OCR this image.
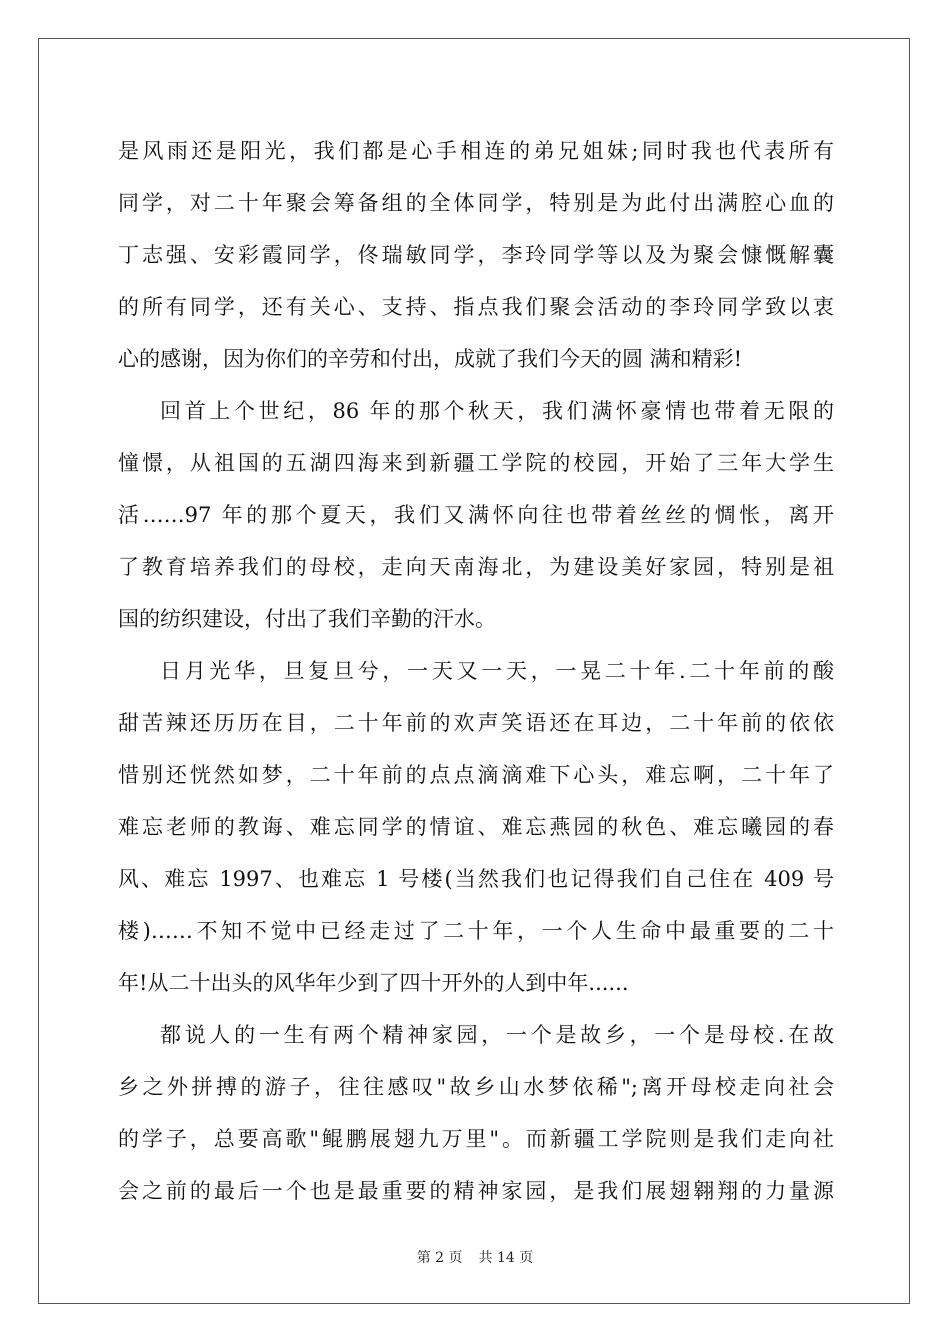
是风雨还是阳光，我们都是心手相连的弟兄姐妹;同时我也代表所有
同学，对二十年聚会筹备组的全体同学，特别是为此付出满腔心血的
丁志强、安彩霞同学，佟瑞敏同学，李玲同学等以及为聚会慷慨解囊
的所有同学，还有关心、支持、指点我们聚会活动的李玲同学致以衷
心的感谢，因为你们的辛劳和付出，成就了我们今天的圆 满和精彩!
回首上个世纪，86 年的那个秋天，我们满怀豪情也带着无限的
憧憬，从祖国的五湖四海来到新疆工学院的校园，开始了三年大学生
活……97 年的那个夏天，我们又满怀向往也带着丝丝的惆怅，离开
了教育培养我们的母校，走向天南海北，为建设美好家园，特别是祖
国的纺织建设，付出了我们辛勤的汗水。
日月光华，旦复旦兮，一天又一天，一晃二十年.二十年前的酸
甜苦辣还历历在目，二十年前的欢声笑语还在耳边，二十年前的依依
惜别还恍然如梦，二十年前的点点滴滴难下心头，难忘啊，二十年了
难忘老师的教诲、难忘同学的情谊、难忘燕园的秋色、难忘曦园的春
风、难忘 1997、也难忘 1 号楼(当然我们也记得我们自己住在 409 号
楼)……不知不觉中已经走过了二十年，一个人生命中最重要的二十
年!从二十出头的风华年少到了四十开外的人到中年......
都说人的一生有两个精神家园，一个是故乡，一个是母校.在故
乡之外拼搏的游子，往往感叹"故乡山水梦依稀";离开母校走向社会
的学子，总要高歌"鲲鹏展翅九万里"。而新疆工学院则是我们走向社
会之前的最后一个也是最重要的精神家园，是我们展翅翱翔的力量源
第 2 页 共 14 页
